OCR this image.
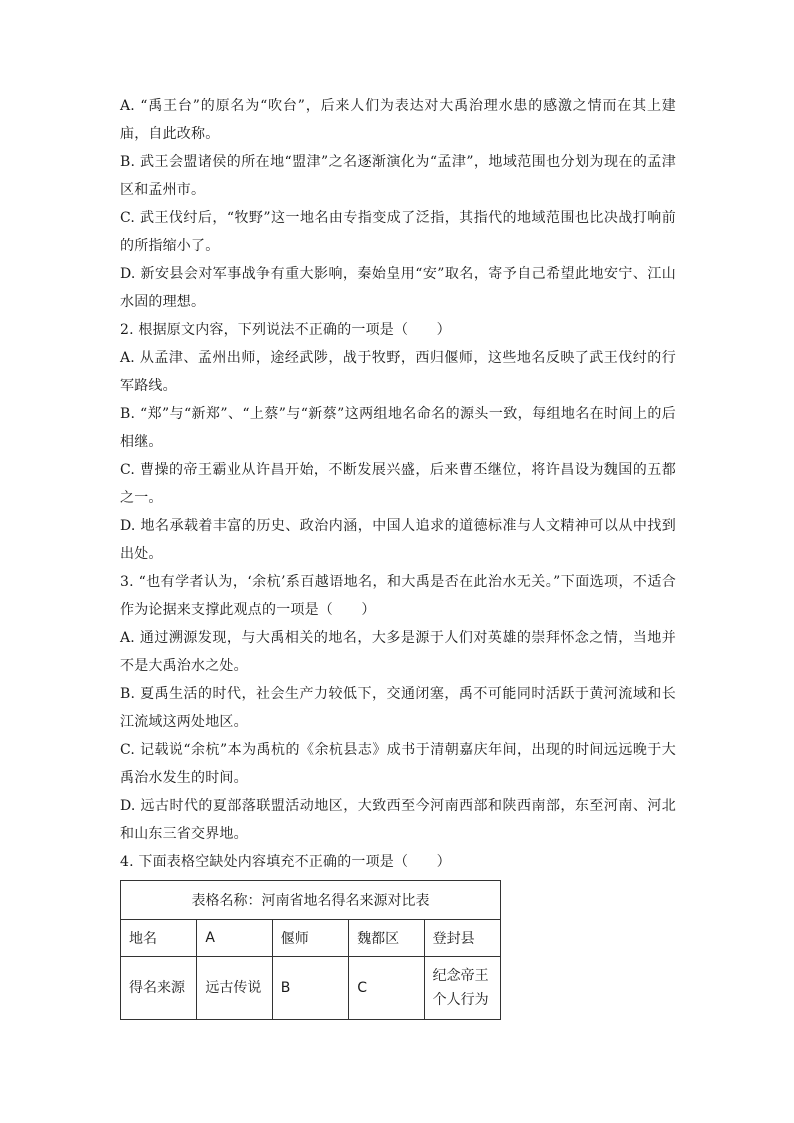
A. “禹王台”的原名为“吹台”，后来人们为表达对大禹治理水患的感激之情而在其上建庙，自此改称。

B. 武王会盟诸侯的所在地“盟津”之名逐渐演化为“孟津”，地域范围也分划为现在的孟津区和孟州市。

C. 武王伐纣后，“牧野”这一地名由专指变成了泛指，其指代的地域范围也比决战打响前的所指缩小了。

D. 新安县会对军事战争有重大影响，秦始皇用“安”取名，寄予自己希望此地安宁、江山水固的理想。

2. 根据原文内容，下列说法不正确的一项是（　　）

A. 从孟津、孟州出师，途经武陟，战于牧野，西归偃师，这些地名反映了武王伐纣的行军路线。

B. “郑”与“新郑”、“上蔡”与“新蔡”这两组地名命名的源头一致，每组地名在时间上的后相继。

C. 曹操的帝王霸业从许昌开始，不断发展兴盛，后来曹丕继位，将许昌设为魏国的五都之一。

D. 地名承载着丰富的历史、政治内涵，中国人追求的道德标准与人文精神可以从中找到出处。

3. “也有学者认为，‘余杭’系百越语地名，和大禹是否在此治水无关。”下面选项，不适合作为论据来支撑此观点的一项是（　　）

A. 通过溯源发现，与大禹相关的地名，大多是源于人们对英雄的崇拜怀念之情，当地并不是大禹治水之处。

B. 夏禹生活的时代，社会生产力较低下，交通闭塞，禹不可能同时活跃于黄河流域和长江流域这两处地区。

C. 记载说“余杭”本为禹杭的《余杭县志》成书于清朝嘉庆年间，出现的时间远远晚于大禹治水发生的时间。

D. 远古时代的夏部落联盟活动地区，大致西至今河南西部和陕西南部，东至河南、河北和山东三省交界地。

4. 下面表格空缺处内容填充不正确的一项是（　　）

表格名称：河南省地名得名来源对比表				
地名	A	偃师	魏都区	登封县
得名来源	远古传说	B	C	纪念帝王个人行为
